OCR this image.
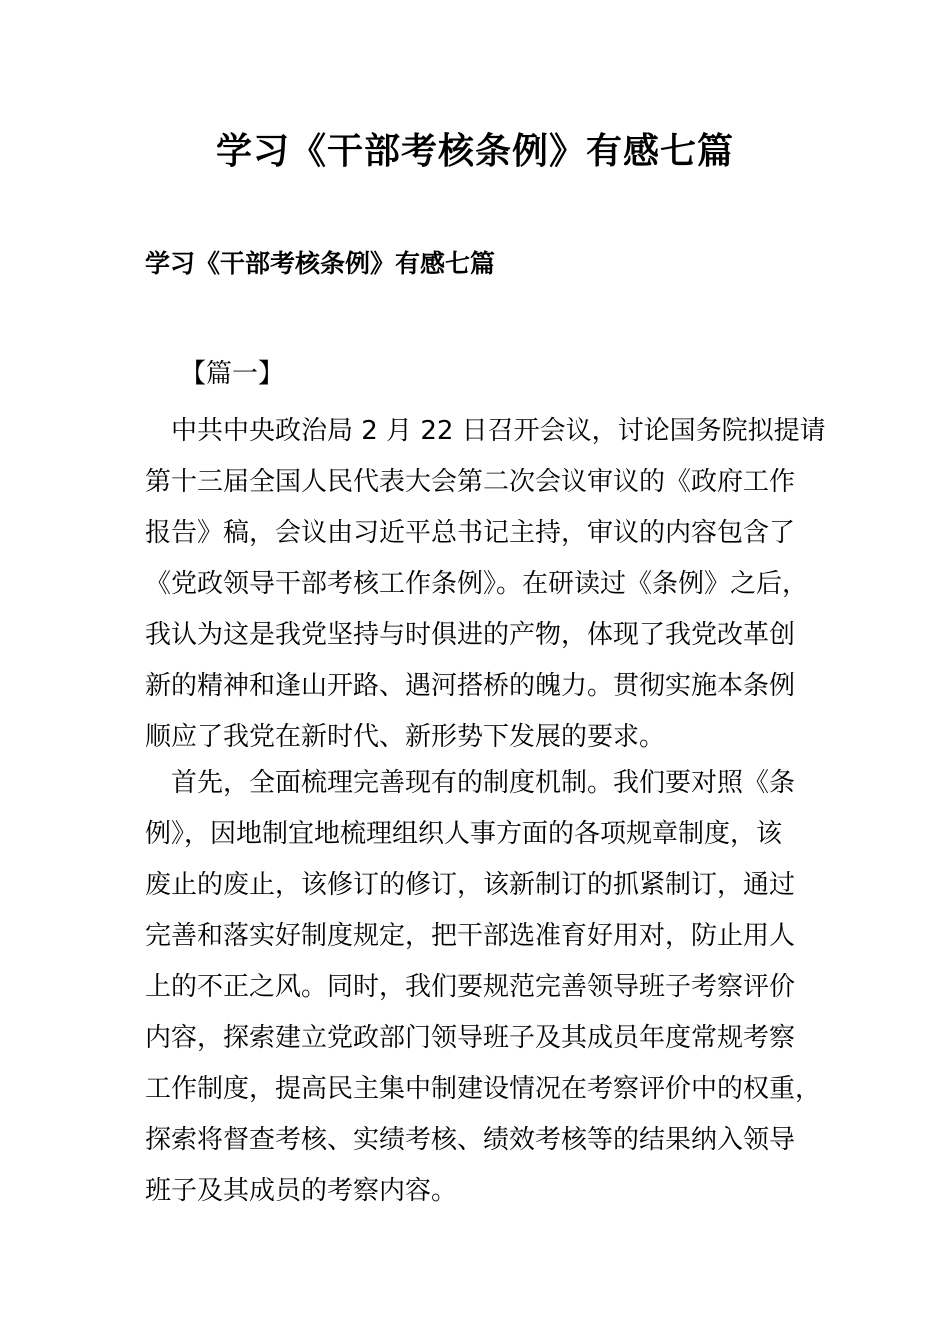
学习《干部考核条例》有感七篇
学习《干部考核条例》有感七篇
【篇一】
　中共中央政治局 2 月 22 日召开会议，讨论国务院拟提请
第十三届全国人民代表大会第二次会议审议的《政府工作
报告》稿，会议由习近平总书记主持，审议的内容包含了
《党政领导干部考核工作条例》。在研读过《条例》之后，
我认为这是我党坚持与时俱进的产物，体现了我党改革创
新的精神和逢山开路、遇河搭桥的魄力。贯彻实施本条例
顺应了我党在新时代、新形势下发展的要求。
　首先，全面梳理完善现有的制度机制。我们要对照《条
例》，因地制宜地梳理组织人事方面的各项规章制度，该
废止的废止，该修订的修订，该新制订的抓紧制订，通过
完善和落实好制度规定，把干部选准育好用对，防止用人
上的不正之风。同时，我们要规范完善领导班子考察评价
内容，探索建立党政部门领导班子及其成员年度常规考察
工作制度，提高民主集中制建设情况在考察评价中的权重，
探索将督查考核、实绩考核、绩效考核等的结果纳入领导
班子及其成员的考察内容。
